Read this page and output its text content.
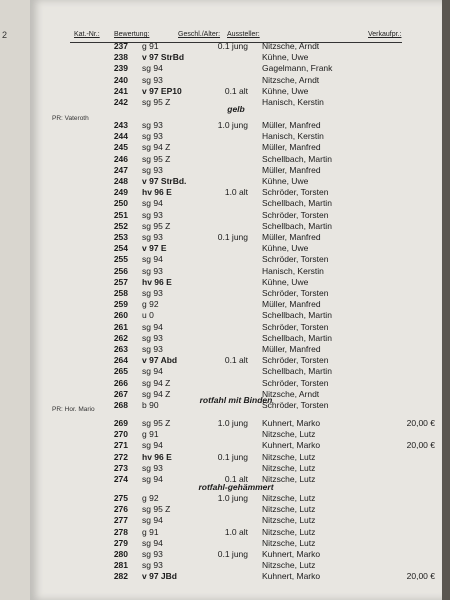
2	Kat.-Nr.: Bewertung:	Geschl./Alter: Aussteller:	Verkaufpr.:
237 g 91	0.1 jung Nitzsche, Arndt
238 v 97 StrBd	Kühne, Uwe
239 sg 94	Gagelmann, Frank
240 sg 93	Nitzsche, Arndt
241 v 97 EP10	0.1 alt Kühne, Uwe
242 sg 95 Z	Hanisch, Kerstin
243 sg 93	1.0 jung Müller, Manfred
244 sg 93	Hanisch, Kerstin
245 sg 94 Z	Müller, Manfred
246 sg 95 Z	Schellbach, Martin
247 sg 93	Müller, Manfred
248 v 97 StrBd.	Kühne, Uwe
249 hv 96 E	1.0 alt Schröder, Torsten
250 sg 94	Schellbach, Martin
251 sg 93	Schröder, Torsten
252 sg 95 Z	Schellbach, Martin
253 sg 93	0.1 jung Müller, Manfred
254 v 97 E	Kühne, Uwe
255 sg 94	Schröder, Torsten
256 sg 93	Hanisch, Kerstin
257 hv 96 E	Kühne, Uwe
258 sg 93	Schröder, Torsten
259 g 92	Müller, Manfred
260 u 0	Schellbach, Martin
261 sg 94	Schröder, Torsten
262 sg 93	Schellbach, Martin
263 sg 93	Müller, Manfred
264 v 97 Abd	0.1 alt Schröder, Torsten
265 sg 94	Schellbach, Martin
266 sg 94 Z	Schröder, Torsten
267 sg 94 Z	Nitzsche, Arndt
268 b 90	Schröder, Torsten
269 sg 95 Z	1.0 jung Kuhnert, Marko	20,00 €
270 g 91	Nitzsche, Lutz
271 sg 94	Kuhnert, Marko	20,00 €
272 hv 96 E	0.1 jung Nitzsche, Lutz
273 sg 93	Nitzsche, Lutz
274 sg 94	0.1 alt Nitzsche, Lutz
275 g 92	1.0 jung Nitzsche, Lutz
276 sg 95 Z	Nitzsche, Lutz
277 sg 94	Nitzsche, Lutz
278 g 91	1.0 alt Nitzsche, Lutz
279 sg 94	Nitzsche, Lutz
280 sg 93	0.1 jung Kuhnert, Marko
281 sg 93	Nitzsche, Lutz
282 v 97 JBd	Kuhnert, Marko	20,00 €
gelb
PR: Vateroth
rotfahl mit Binden
PR: Hor. Mario
rotfahl-gehämmert
